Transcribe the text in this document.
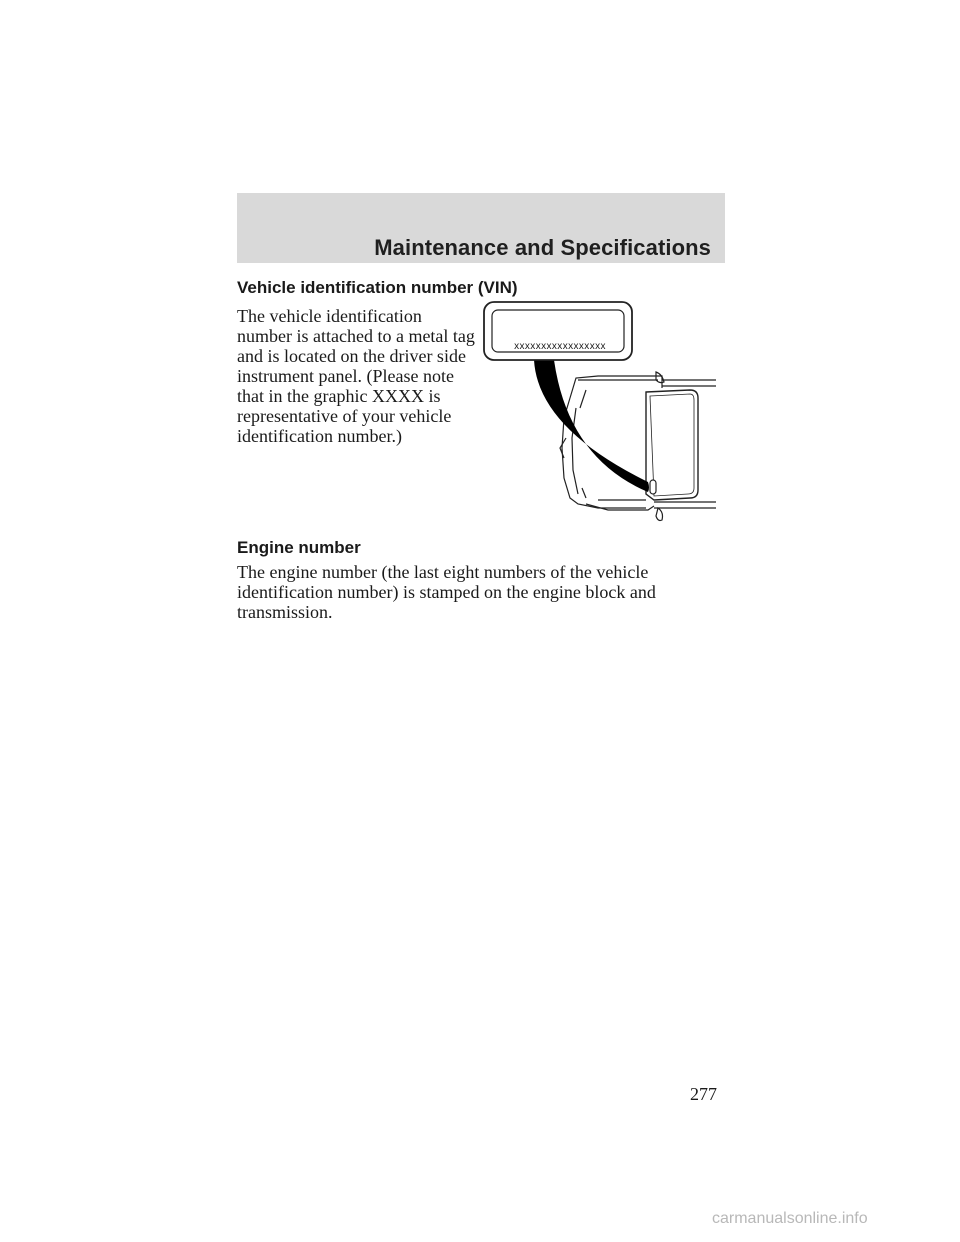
Maintenance and Specifications
Vehicle identification number (VIN)
The vehicle identification number is attached to a metal tag and is located on the driver side instrument panel. (Please note that in the graphic XXXX is representative of your vehicle identification number.)
xxxxxxxxxxxxxxxxx
Engine number
The engine number (the last eight numbers of the vehicle identification number) is stamped on the engine block and transmission.
277
carmanualsonline.info
